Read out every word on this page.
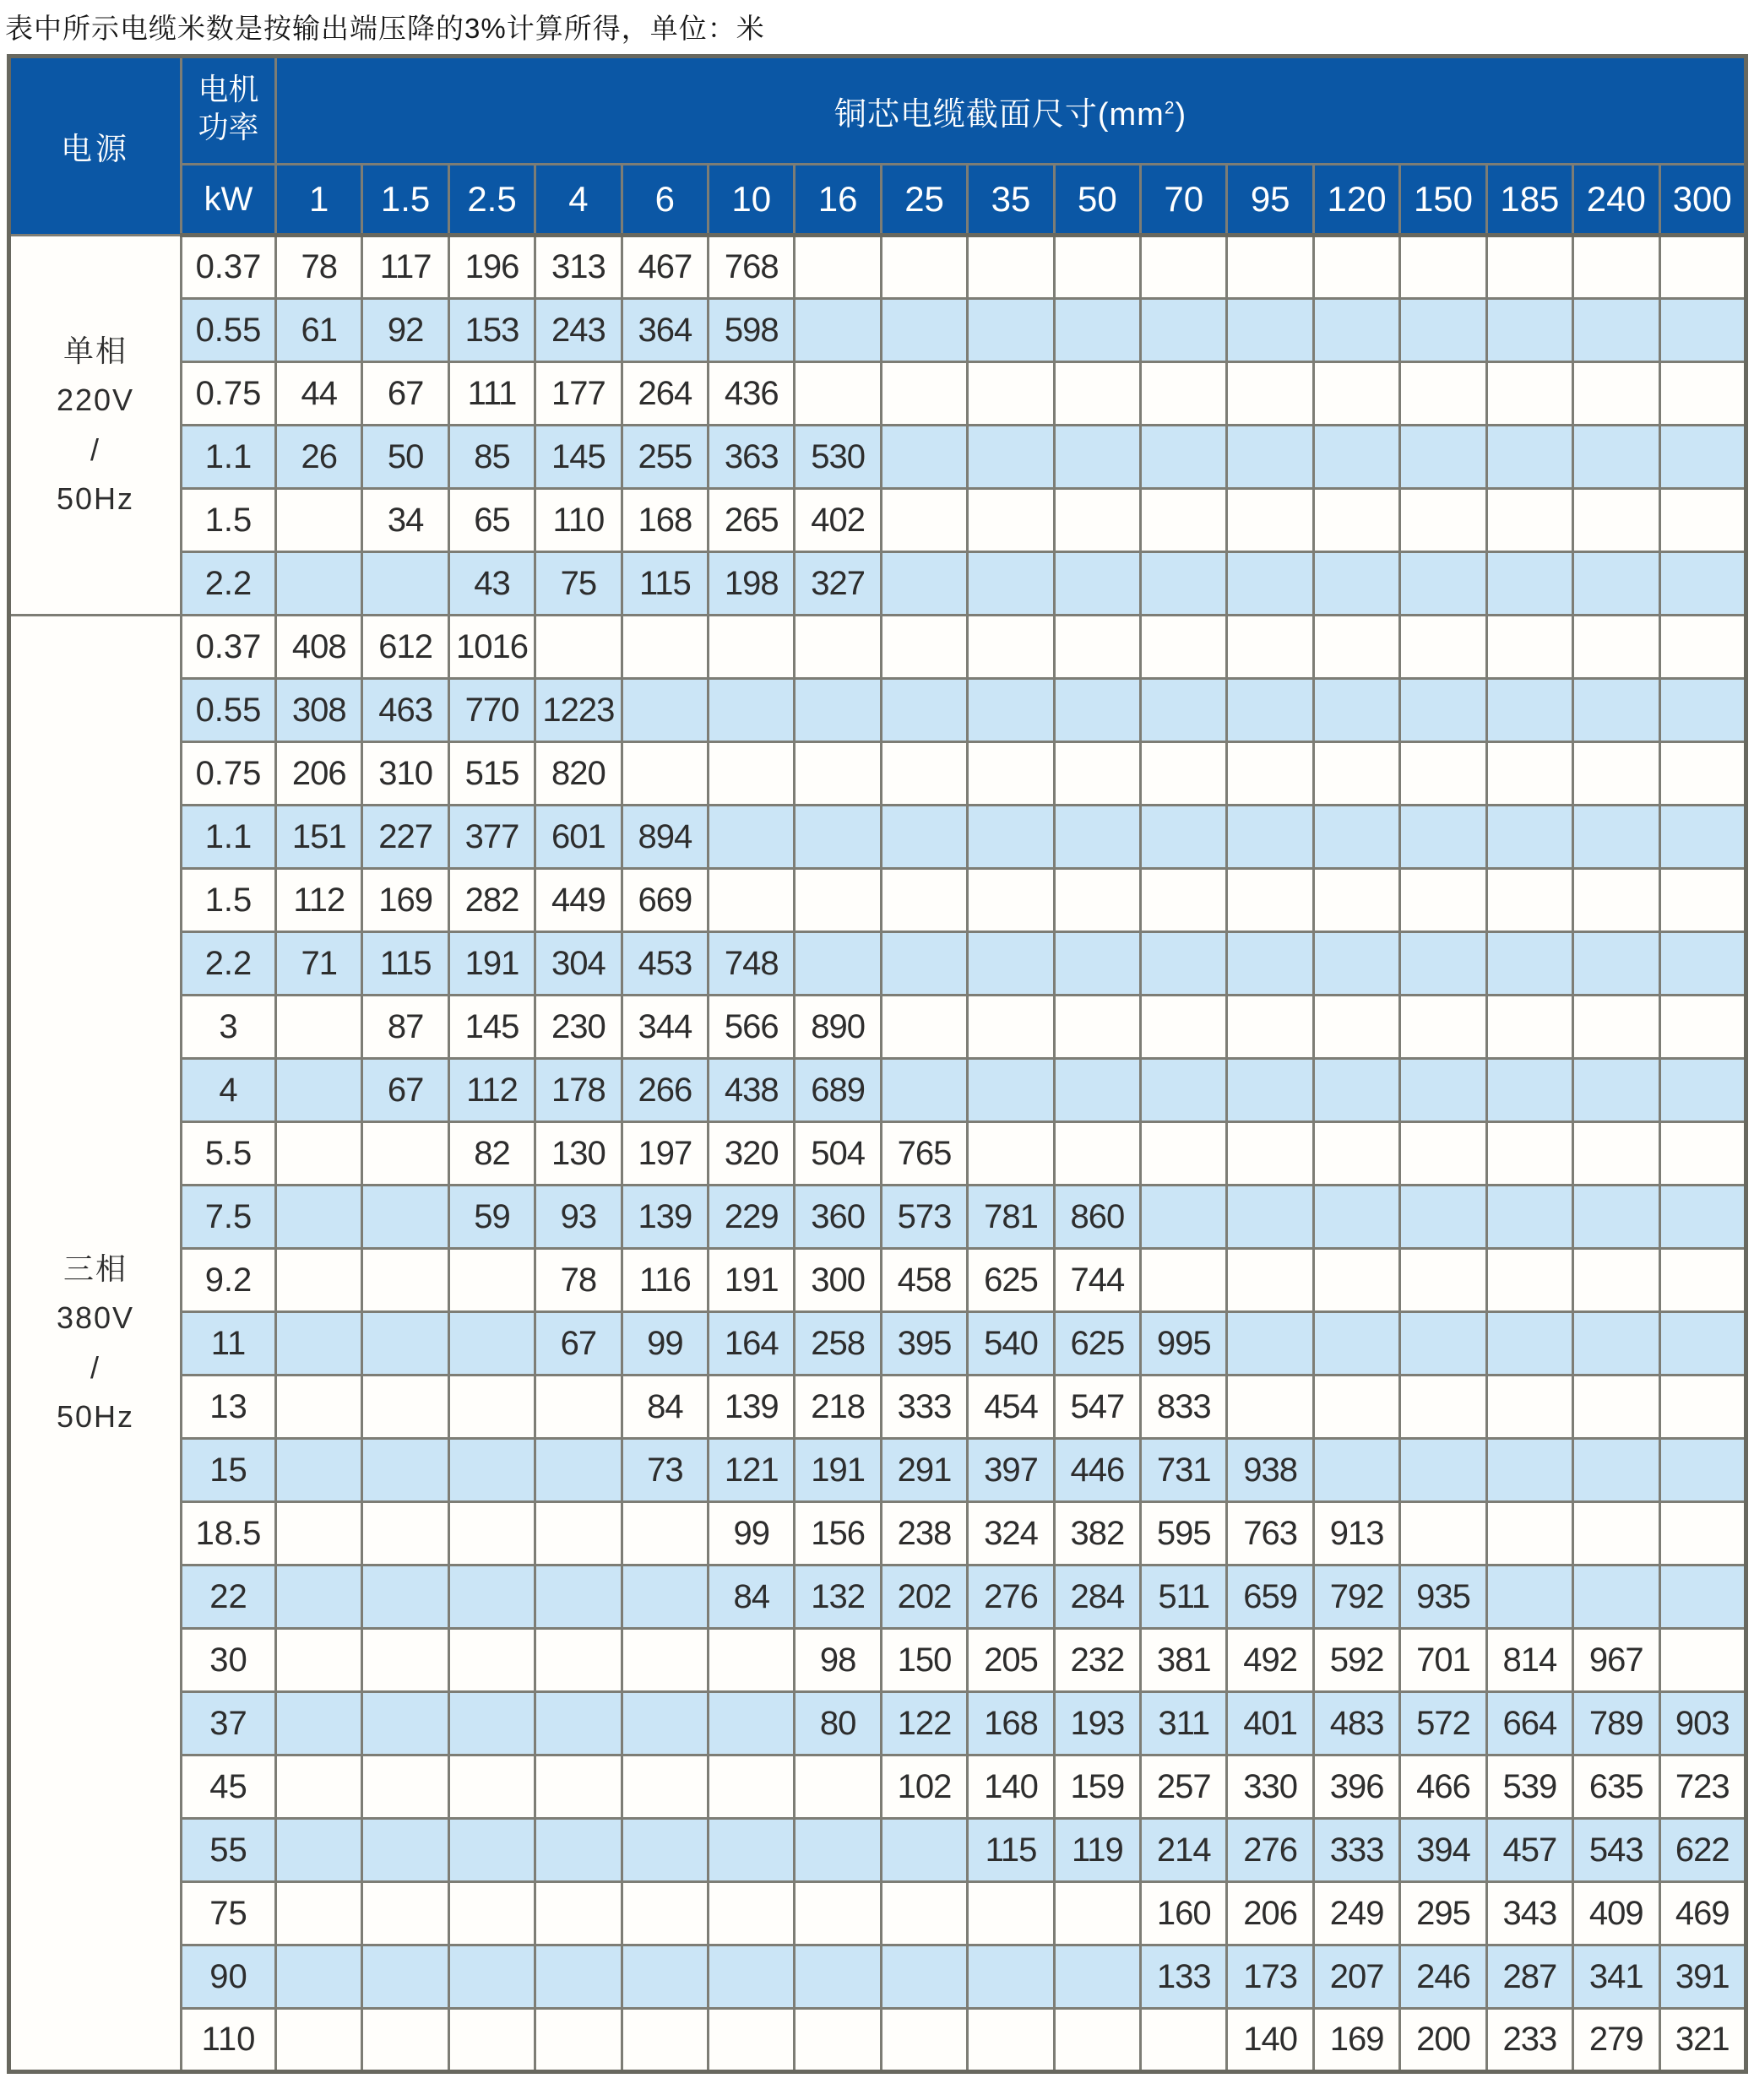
表中所示电缆米数是按输出端压降的3%计算所得，单位：米
电源	电机
功率	铜芯电缆截面尺寸$(mm^2)$																
	kW	1	1.5	2.5	4	6	10	16	25	35	50	70	95	120	150	185	240	300

单相
220V
/
50Hz	0.37	78	117	196	313	467	768											
	0.55	61	92	153	243	364	598											
	0.75	44	67	111	177	264	436											
	1.1	26	50	85	145	255	363	530										
	1.5		34	65	110	168	265	402										
	2.2			43	75	115	198	327										

三相
380V
/
50Hz	0.37	408	612	1016														
	0.55	308	463	770	1223													
	0.75	206	310	515	820													
	1.1	151	227	377	601	894												
	1.5	112	169	282	449	669												
	2.2	71	115	191	304	453	748											
	3		87	145	230	344	566	890										
	4		67	112	178	266	438	689										
	5.5			82	130	197	320	504	765									
	7.5			59	93	139	229	360	573	781	860							
	9.2				78	116	191	300	458	625	744							
	11				67	99	164	258	395	540	625	995						
	13					84	139	218	333	454	547	833						
	15					73	121	191	291	397	446	731	938					
	18.5						99	156	238	324	382	595	763	913				
	22						84	132	202	276	284	511	659	792	935			
	30							98	150	205	232	381	492	592	701	814	967	
	37							80	122	168	193	311	401	483	572	664	789	903
	45								102	140	159	257	330	396	466	539	635	723
	55									115	119	214	276	333	394	457	543	622
	75											160	206	249	295	343	409	469
	90											133	173	207	246	287	341	391
	110												140	169	200	233	279	321
